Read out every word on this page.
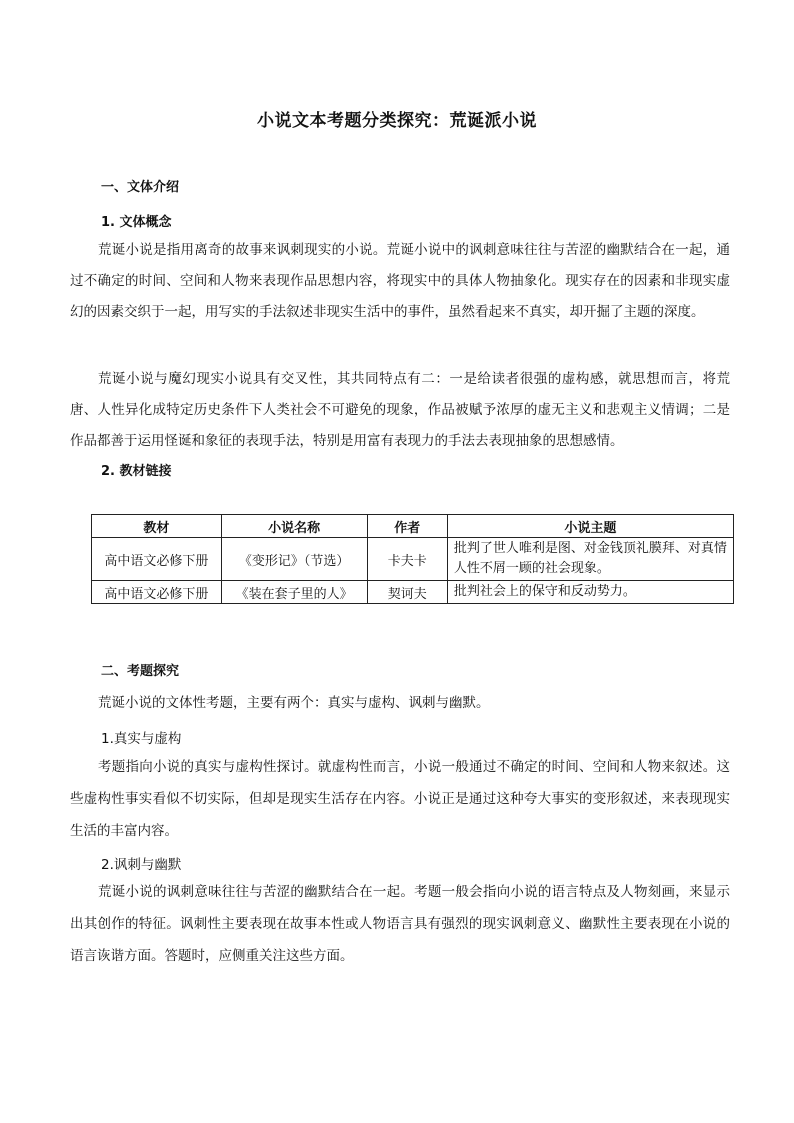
小说文本考题分类探究：荒诞派小说
一、文体介绍
1. 文体概念
荒诞小说是指用离奇的故事来讽刺现实的小说。荒诞小说中的讽刺意味往往与苦涩的幽默结合在一起，通过不确定的时间、空间和人物来表现作品思想内容，将现实中的具体人物抽象化。现实存在的因素和非现实虚幻的因素交织于一起，用写实的手法叙述非现实生活中的事件，虽然看起来不真实，却开掘了主题的深度。
荒诞小说与魔幻现实小说具有交叉性，其共同特点有二：一是给读者很强的虚构感，就思想而言，将荒唐、人性异化成特定历史条件下人类社会不可避免的现象，作品被赋予浓厚的虚无主义和悲观主义情调；二是作品都善于运用怪诞和象征的表现手法，特别是用富有表现力的手法去表现抽象的思想感情。
2. 教材链接
教材	小说名称	作者	小说主题
高中语文必修下册	《变形记》（节选）	卡夫卡	批判了世人唯利是图、对金钱顶礼膜拜、对真情人性不屑一顾的社会现象。
高中语文必修下册	《装在套子里的人》	契诃夫	批判社会上的保守和反动势力。
二、考题探究
荒诞小说的文体性考题，主要有两个：真实与虚构、讽刺与幽默。
1.真实与虚构
考题指向小说的真实与虚构性探讨。就虚构性而言，小说一般通过不确定的时间、空间和人物来叙述。这些虚构性事实看似不切实际，但却是现实生活存在内容。小说正是通过这种夸大事实的变形叙述，来表现现实生活的丰富内容。
2.讽刺与幽默
荒诞小说的讽刺意味往往与苦涩的幽默结合在一起。考题一般会指向小说的语言特点及人物刻画，来显示出其创作的特征。讽刺性主要表现在故事本性或人物语言具有强烈的现实讽刺意义、幽默性主要表现在小说的语言诙谐方面。答题时，应侧重关注这些方面。
